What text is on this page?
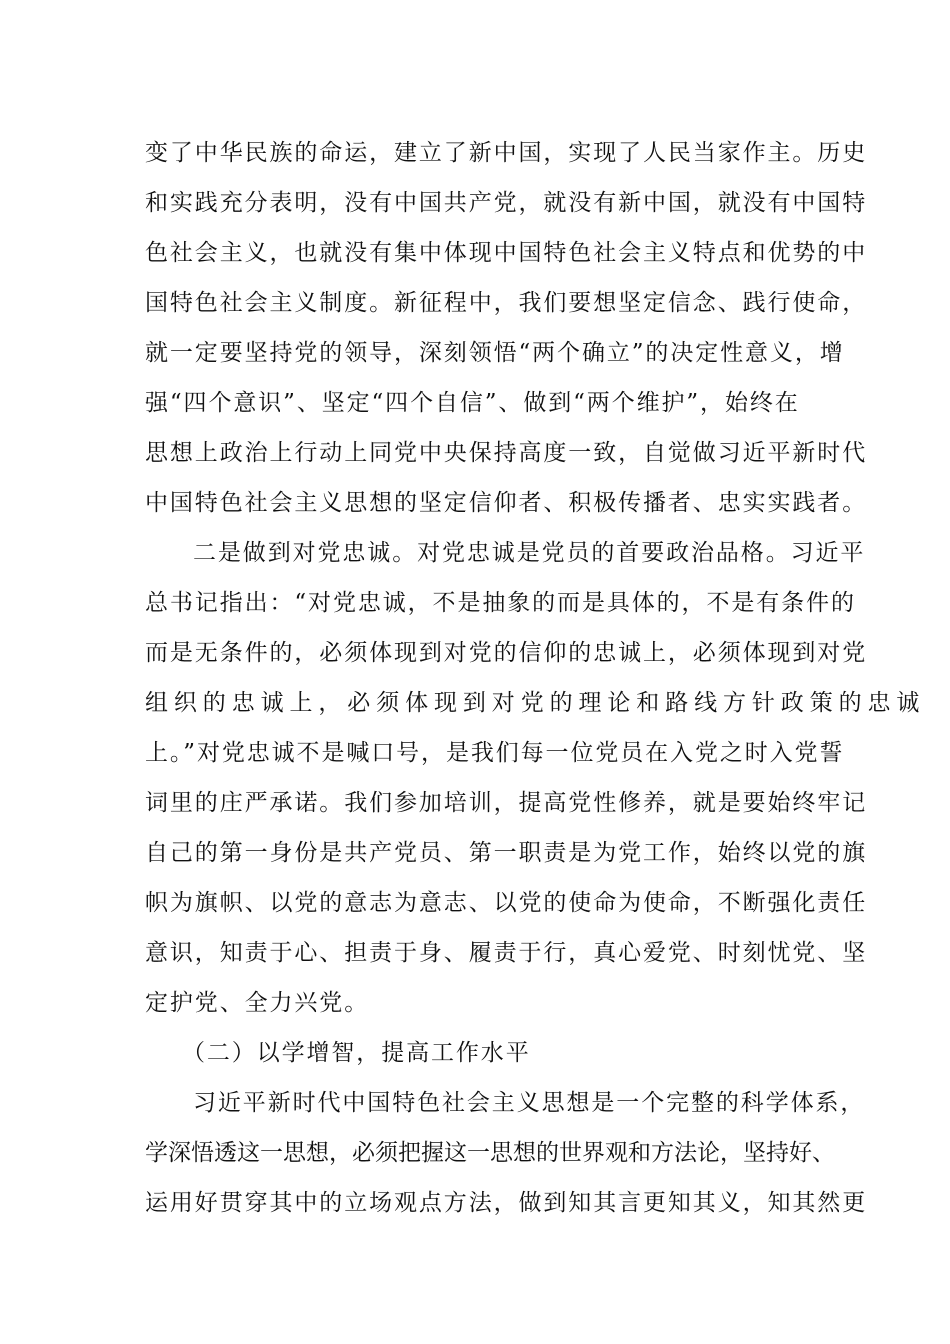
变了中华民族的命运，建立了新中国，实现了人民当家作主。历史
和实践充分表明，没有中国共产党，就没有新中国，就没有中国特
色社会主义，也就没有集中体现中国特色社会主义特点和优势的中
国特色社会主义制度。新征程中，我们要想坚定信念、践行使命，
就一定要坚持党的领导，深刻领悟“两个确立”的决定性意义，增
强“四个意识”、坚定“四个自信”、做到“两个维护”，始终在
思想上政治上行动上同党中央保持高度一致，自觉做习近平新时代
中国特色社会主义思想的坚定信仰者、积极传播者、忠实实践者。
二是做到对党忠诚。对党忠诚是党员的首要政治品格。习近平
总书记指出：“对党忠诚，不是抽象的而是具体的，不是有条件的
而是无条件的，必须体现到对党的信仰的忠诚上，必须体现到对党
组织的忠诚上，必须体现到对党的理论和路线方针政策的忠诚
上。”对党忠诚不是喊口号，是我们每一位党员在入党之时入党誓
词里的庄严承诺。我们参加培训，提高党性修养，就是要始终牢记
自己的第一身份是共产党员、第一职责是为党工作，始终以党的旗
帜为旗帜、以党的意志为意志、以党的使命为使命，不断强化责任
意识，知责于心、担责于身、履责于行，真心爱党、时刻忧党、坚
定护党、全力兴党。
（二）以学增智，提高工作水平
习近平新时代中国特色社会主义思想是一个完整的科学体系，
学深悟透这一思想，必须把握这一思想的世界观和方法论，坚持好、
运用好贯穿其中的立场观点方法，做到知其言更知其义，知其然更
